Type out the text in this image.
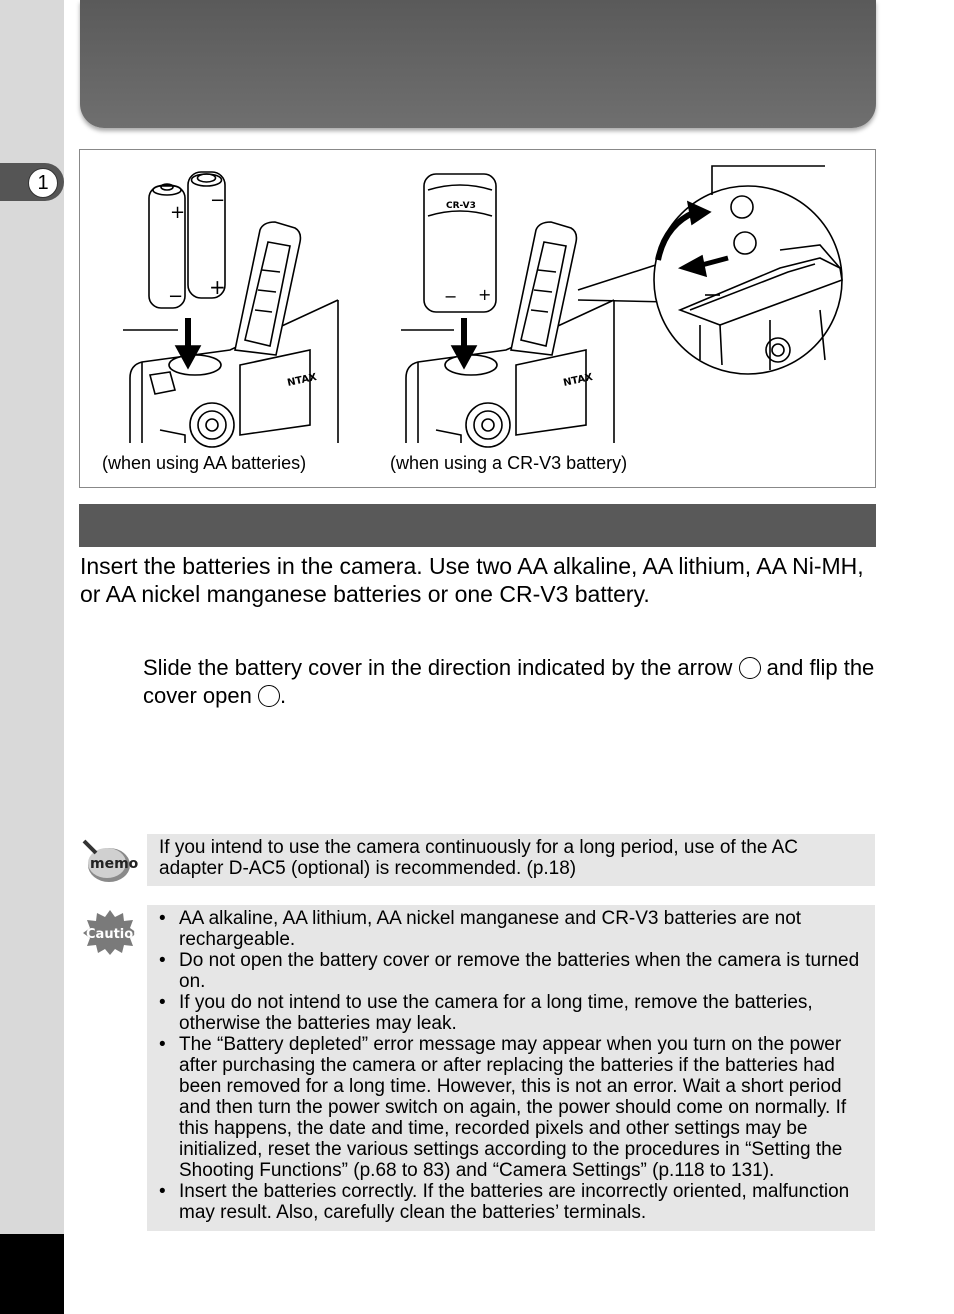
1
+
−
−
+
CR-V3
− +
NTAX	NTAX
(when using AA batteries)	(when using a CR-V3 battery)
Insert the batteries in the camera. Use two AA alkaline, AA lithium, AA Ni-MH, or AA nickel manganese batteries or one CR-V3 battery.
Slide the battery cover in the direction indicated by the arrow  and flip the cover open .
memo
If you intend to use the camera continuously for a long period, use of the AC adapter D-AC5 (optional) is recommended. (p.18)
Caution
• AA alkaline, AA lithium, AA nickel manganese and CR-V3 batteries are not rechargeable.
• Do not open the battery cover or remove the batteries when the camera is turned on.
• If you do not intend to use the camera for a long time, remove the batteries, otherwise the batteries may leak.
• The “Battery depleted” error message may appear when you turn on the power after purchasing the camera or after replacing the batteries if the batteries had been removed for a long time. However, this is not an error. Wait a short period and then turn the power switch on again, the power should come on normally. If this happens, the date and time, recorded pixels and other settings may be initialized, reset the various settings according to the procedures in “Setting the Shooting Functions” (p.68 to 83) and “Camera Settings” (p.118 to 131).
• Insert the batteries correctly. If the batteries are incorrectly oriented, malfunction may result. Also, carefully clean the batteries’ terminals.
